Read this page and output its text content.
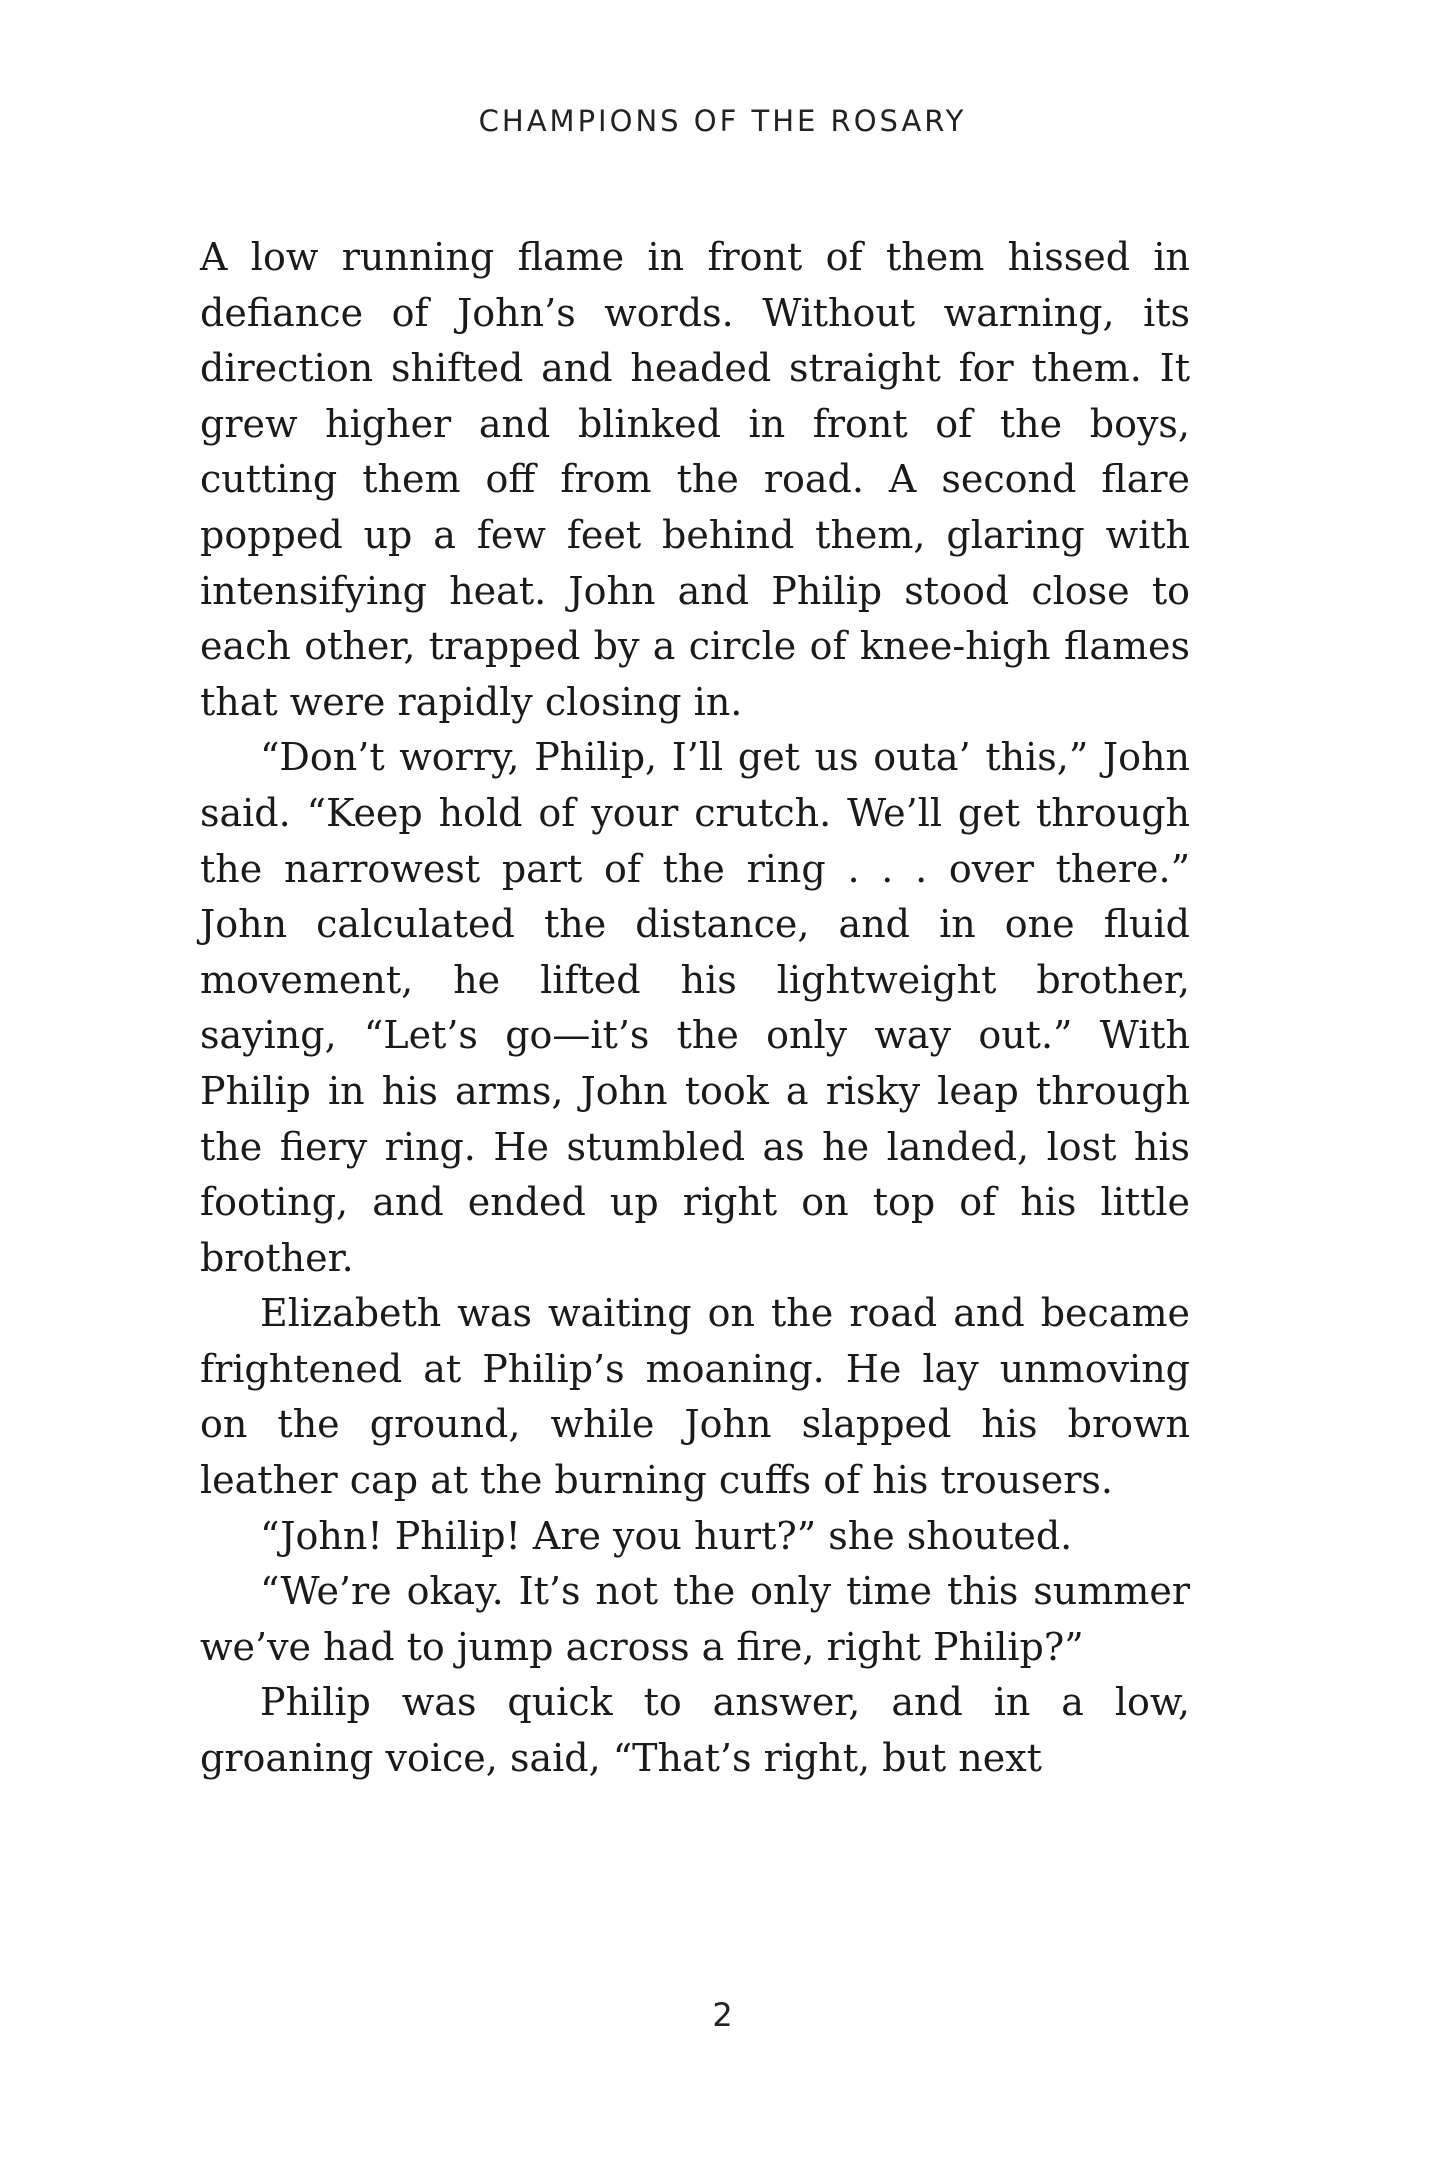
CHAMPIONS OF THE ROSARY

A low running flame in front of them hissed in defiance of John’s words. Without warning, its direction shifted and headed straight for them. It grew higher and blinked in front of the boys, cutting them off from the road. A second flare popped up a few feet behind them, glaring with intensifying heat. John and Philip stood close to each other, trapped by a circle of knee-high flames that were rapidly closing in.

“Don’t worry, Philip, I’ll get us outa’ this,” John said. “Keep hold of your crutch. We’ll get through the narrowest part of the ring . . . over there.” John calculated the distance, and in one fluid movement, he lifted his lightweight brother, saying, “Let’s go—it’s the only way out.” With Philip in his arms, John took a risky leap through the fiery ring. He stumbled as he landed, lost his footing, and ended up right on top of his little brother.

Elizabeth was waiting on the road and became frightened at Philip’s moaning. He lay unmoving on the ground, while John slapped his brown leather cap at the burning cuffs of his trousers.

“John! Philip! Are you hurt?” she shouted.

“We’re okay. It’s not the only time this summer we’ve had to jump across a fire, right Philip?”

Philip was quick to answer, and in a low, groaning voice, said, “That’s right, but next

2
